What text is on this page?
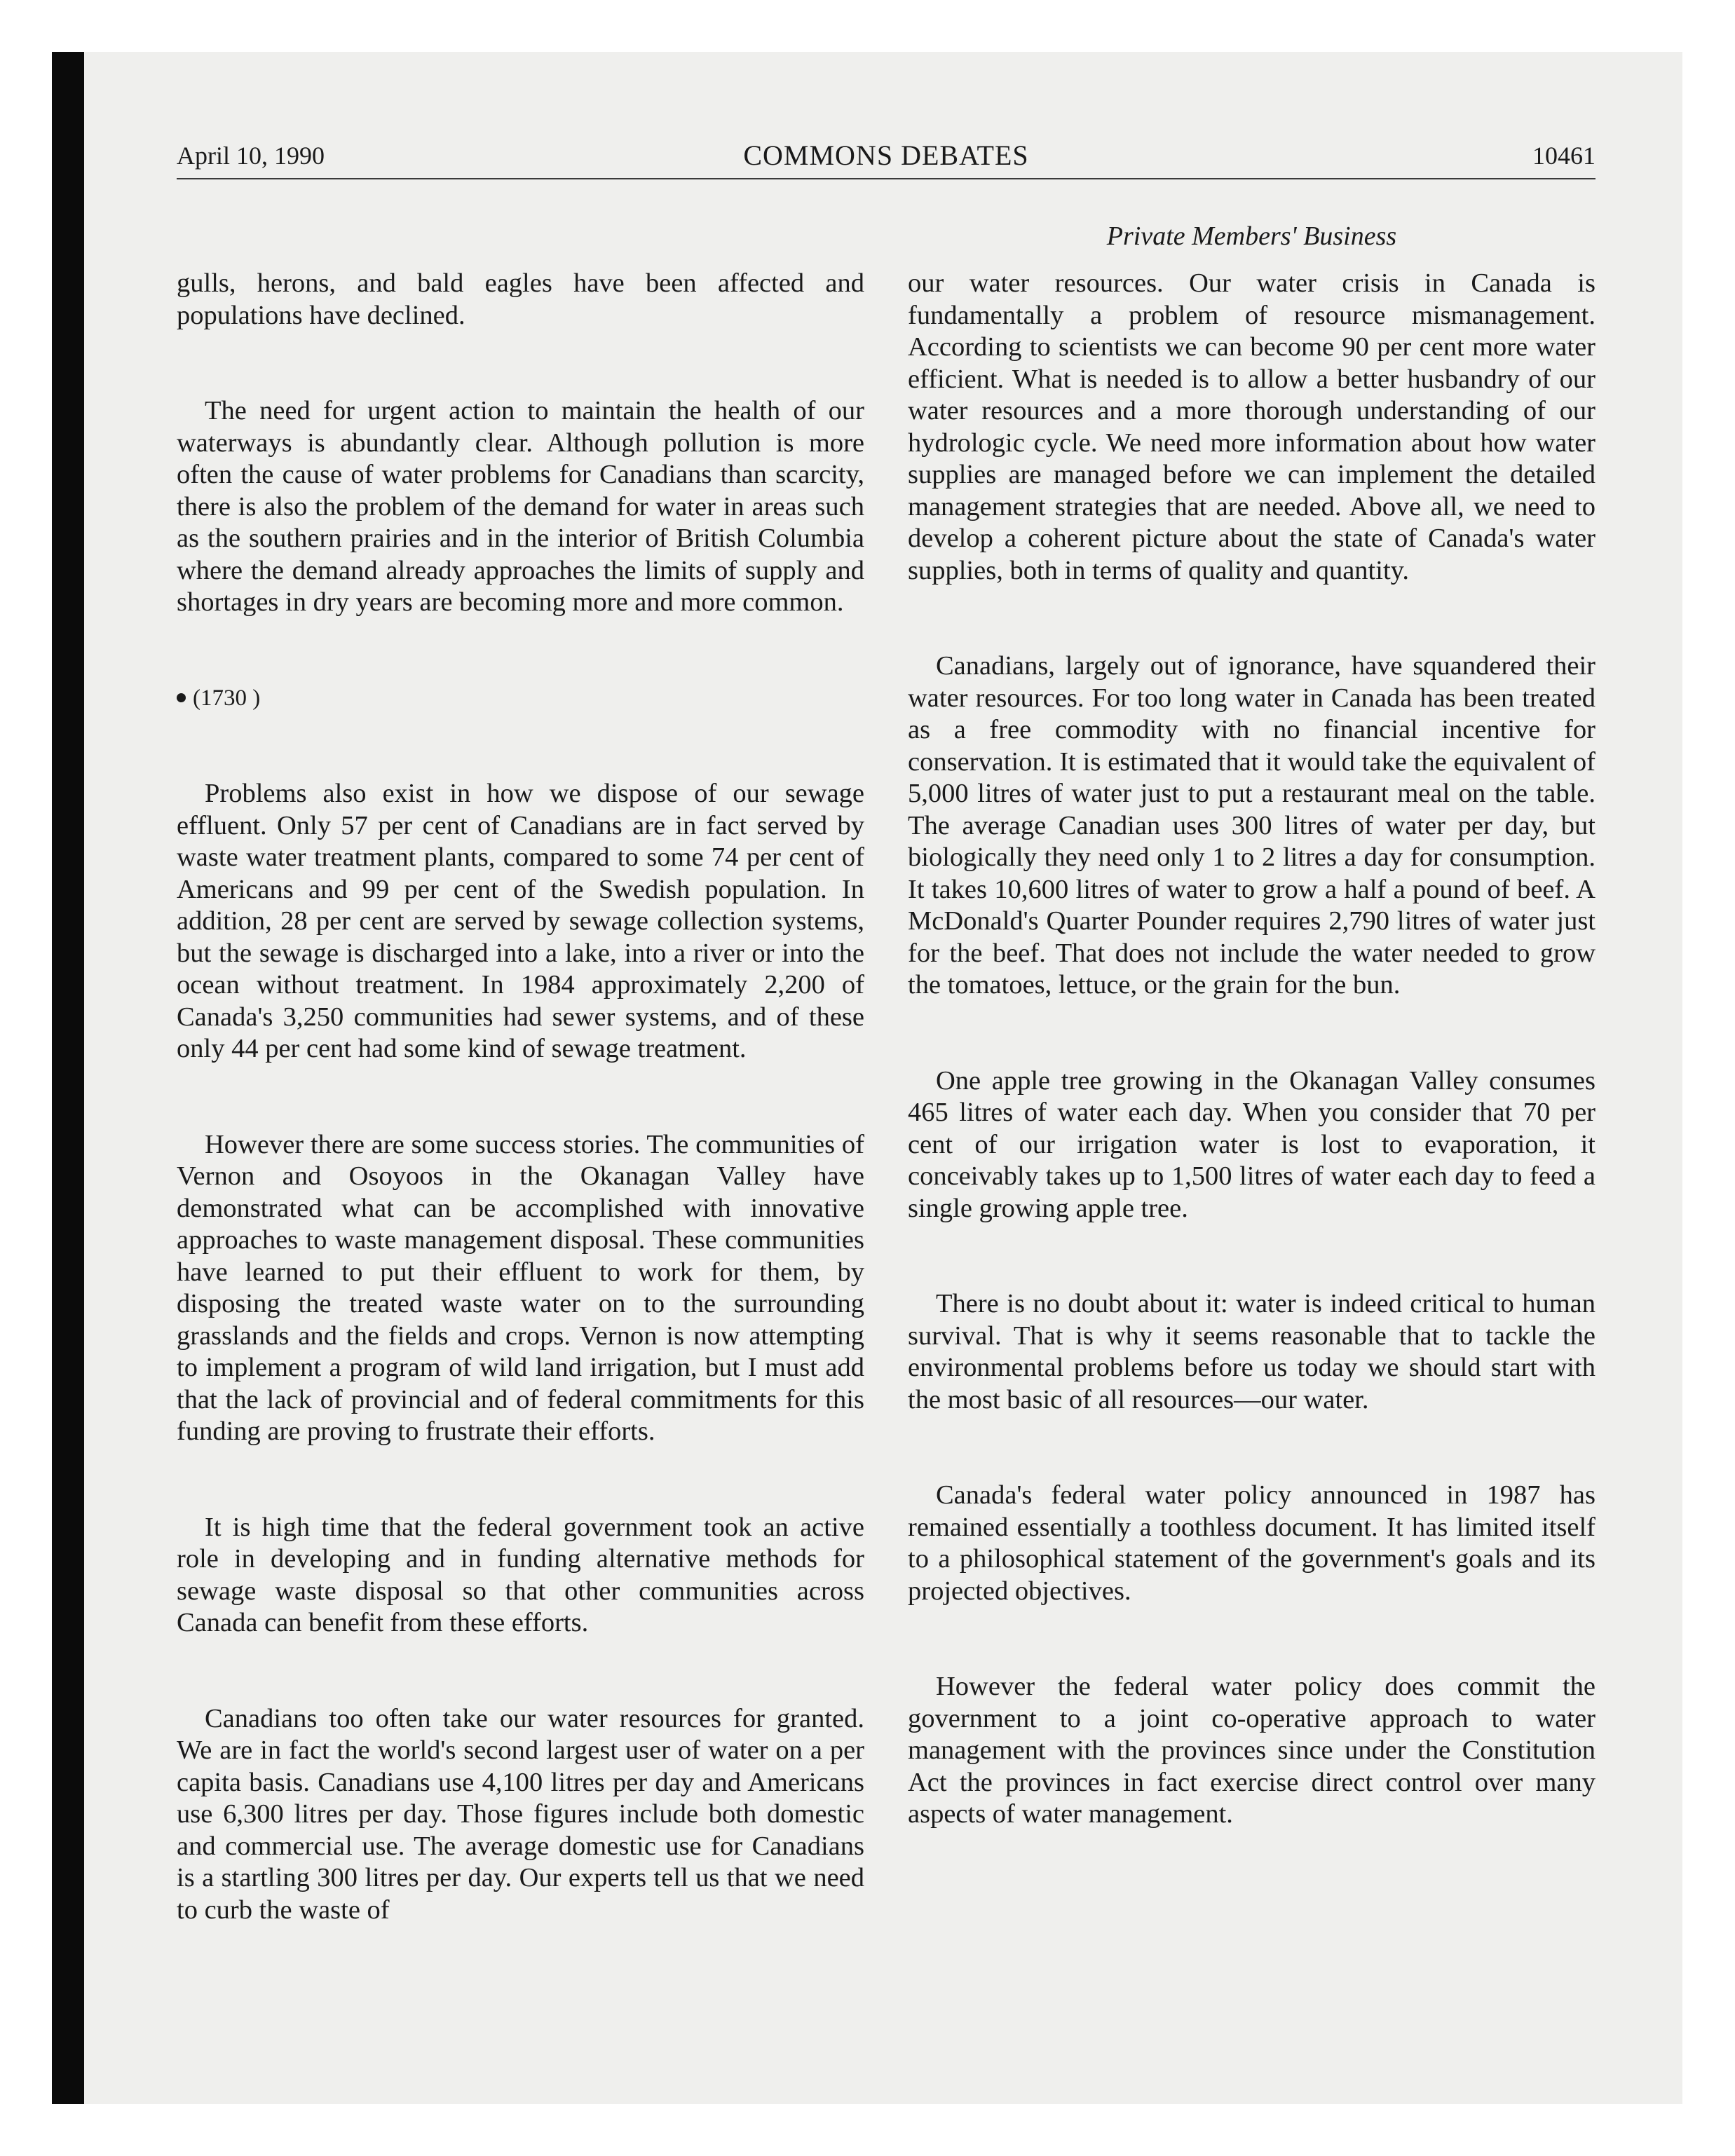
April 10, 1990	COMMONS DEBATES	10461
Private Members' Business

gulls, herons, and bald eagles have been affected and populations have declined.

The need for urgent action to maintain the health of our waterways is abundantly clear. Although pollution is more often the cause of water problems for Canadians than scarcity, there is also the problem of the demand for water in areas such as the southern prairies and in the interior of British Columbia where the demand already approaches the limits of supply and shortages in dry years are becoming more and more common.

(1730 )

Problems also exist in how we dispose of our sewage effluent. Only 57 per cent of Canadians are in fact served by waste water treatment plants, compared to some 74 per cent of Americans and 99 per cent of the Swedish population. In addition, 28 per cent are served by sewage collection systems, but the sewage is discharged into a lake, into a river or into the ocean without treatment. In 1984 approximately 2,200 of Canada's 3,250 communities had sewer systems, and of these only 44 per cent had some kind of sewage treatment.

However there are some success stories. The communities of Vernon and Osoyoos in the Okanagan Valley have demonstrated what can be accomplished with innovative approaches to waste management disposal. These communities have learned to put their effluent to work for them, by disposing the treated waste water on to the surrounding grasslands and the fields and crops. Vernon is now attempting to implement a program of wild land irrigation, but I must add that the lack of provincial and of federal commitments for this funding are proving to frustrate their efforts.

It is high time that the federal government took an active role in developing and in funding alternative methods for sewage waste disposal so that other communities across Canada can benefit from these efforts.

Canadians too often take our water resources for granted. We are in fact the world's second largest user of water on a per capita basis. Canadians use 4,100 litres per day and Americans use 6,300 litres per day. Those figures include both domestic and commercial use. The average domestic use for Canadians is a startling 300 litres per day. Our experts tell us that we need to curb the waste of

our water resources. Our water crisis in Canada is fundamentally a problem of resource mismanagement. According to scientists we can become 90 per cent more water efficient. What is needed is to allow a better husbandry of our water resources and a more thorough understanding of our hydrologic cycle. We need more information about how water supplies are managed before we can implement the detailed management strategies that are needed. Above all, we need to develop a coherent picture about the state of Canada's water supplies, both in terms of quality and quantity.

Canadians, largely out of ignorance, have squandered their water resources. For too long water in Canada has been treated as a free commodity with no financial incentive for conservation. It is estimated that it would take the equivalent of 5,000 litres of water just to put a restaurant meal on the table. The average Canadian uses 300 litres of water per day, but biologically they need only 1 to 2 litres a day for consumption. It takes 10,600 litres of water to grow a half a pound of beef. A McDonald's Quarter Pounder requires 2,790 litres of water just for the beef. That does not include the water needed to grow the tomatoes, lettuce, or the grain for the bun.

One apple tree growing in the Okanagan Valley consumes 465 litres of water each day. When you consider that 70 per cent of our irrigation water is lost to evaporation, it conceivably takes up to 1,500 litres of water each day to feed a single growing apple tree.

There is no doubt about it: water is indeed critical to human survival. That is why it seems reasonable that to tackle the environmental problems before us today we should start with the most basic of all resources—our water.

Canada's federal water policy announced in 1987 has remained essentially a toothless document. It has limited itself to a philosophical statement of the government's goals and its projected objectives.

However the federal water policy does commit the government to a joint co-operative approach to water management with the provinces since under the Constitution Act the provinces in fact exercise direct control over many aspects of water management.
